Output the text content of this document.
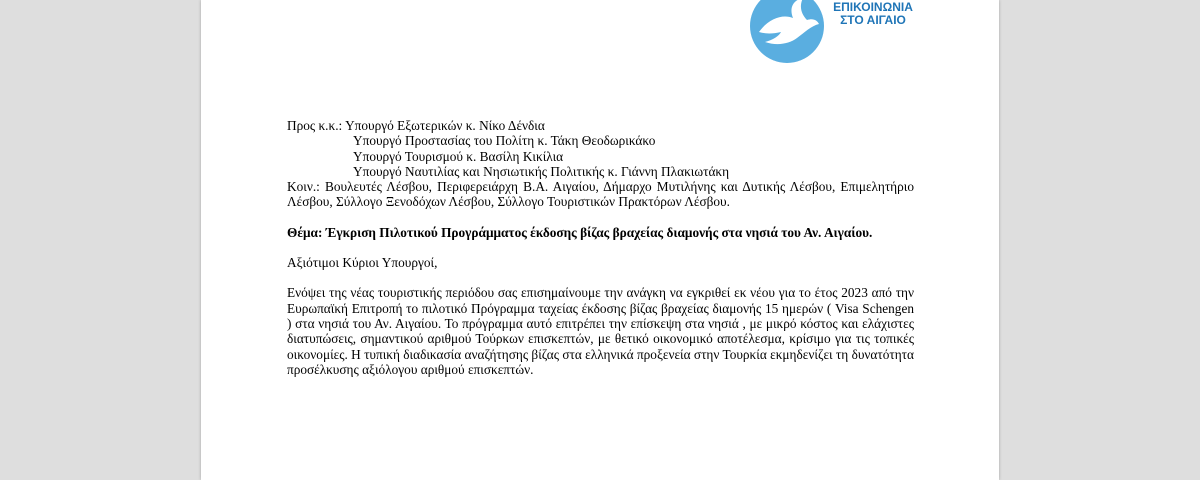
ΕΠΙΚΟΙΝΩΝΙΑ
ΣΤΟ ΑΙΓΑΙΟ
Προς κ.κ.: Υπουργό Εξωτερικών κ. Νίκο Δένδια
Υπουργό Προστασίας του Πολίτη κ. Τάκη Θεοδωρικάκο
Υπουργό Τουρισμού κ. Βασίλη Κικίλια
Υπουργό Ναυτιλίας και Νησιωτικής Πολιτικής κ. Γιάννη Πλακιωτάκη
Κοιν.: Βουλευτές Λέσβου, Περιφερειάρχη Β.Α. Αιγαίου, Δήμαρχο Μυτιλήνης και Δυτικής Λέσβου, Επιμελητήριο Λέσβου, Σύλλογο Ξενοδόχων Λέσβου, Σύλλογο Τουριστικών Πρακτόρων Λέσβου.
Θέμα: Έγκριση Πιλοτικού Προγράμματος έκδοσης βίζας βραχείας διαμονής στα νησιά του Αν. Αιγαίου.
Αξιότιμοι Κύριοι Υπουργοί,
Ενόψει της νέας τουριστικής περιόδου σας επισημαίνουμε την ανάγκη να εγκριθεί εκ νέου για το έτος 2023 από την Ευρωπαϊκή Επιτροπή το πιλοτικό Πρόγραμμα ταχείας έκδοσης βίζας βραχείας διαμονής 15 ημερών ( Visa Schengen ) στα νησιά του Αν. Αιγαίου. Το πρόγραμμα αυτό επιτρέπει την επίσκεψη στα νησιά , με μικρό κόστος και ελάχιστες διατυπώσεις, σημαντικού αριθμού Τούρκων επισκεπτών, με θετικό οικονομικό αποτέλεσμα, κρίσιμο για τις τοπικές οικονομίες. Η τυπική διαδικασία αναζήτησης βίζας στα ελληνικά προξενεία στην Τουρκία εκμηδενίζει τη δυνατότητα προσέλκυσης αξιόλογου αριθμού επισκεπτών.
